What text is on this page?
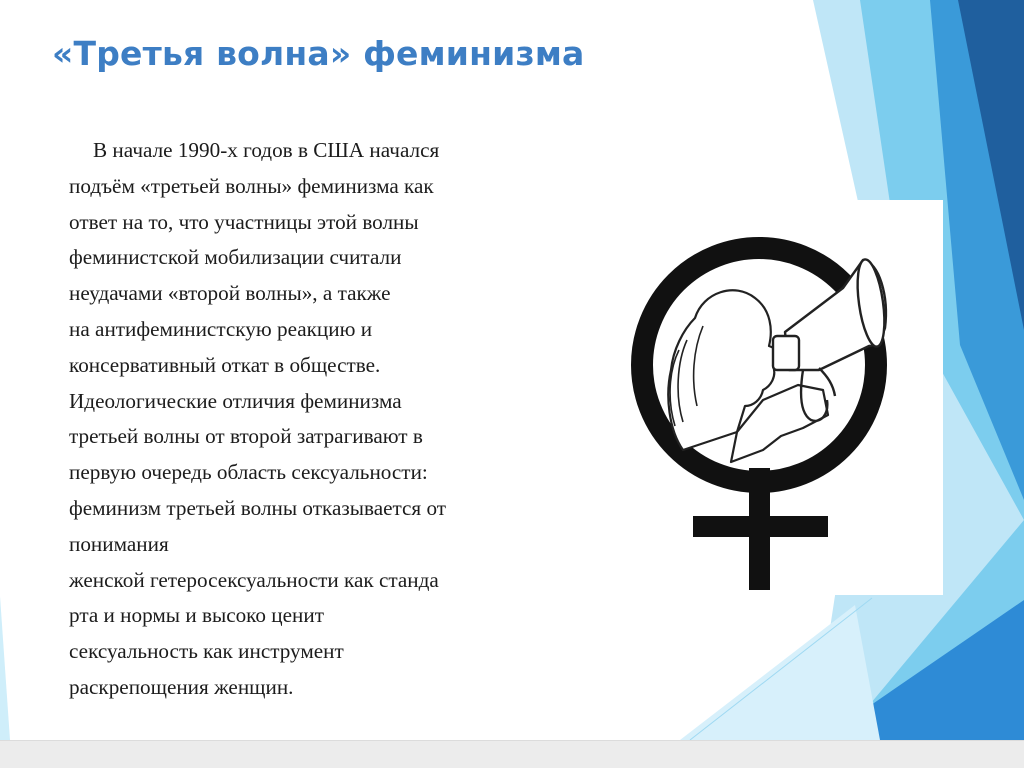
«Третья волна» феминизма
В начале 1990-х годов в США начался
подъём «третьей волны» феминизма как
ответ на то, что участницы этой волны
феминистской мобилизации считали
неудачами «второй волны», а также
на антифеминистскую реакцию и
консервативный откат в обществе.
Идеологические отличия феминизма
третьей волны от второй затрагивают в
первую очередь область сексуальности:
феминизм третьей волны отказывается от
понимания
женской гетеросексуальности как станда
рта и нормы и высоко ценит
сексуальность как инструмент
раскрепощения женщин.
